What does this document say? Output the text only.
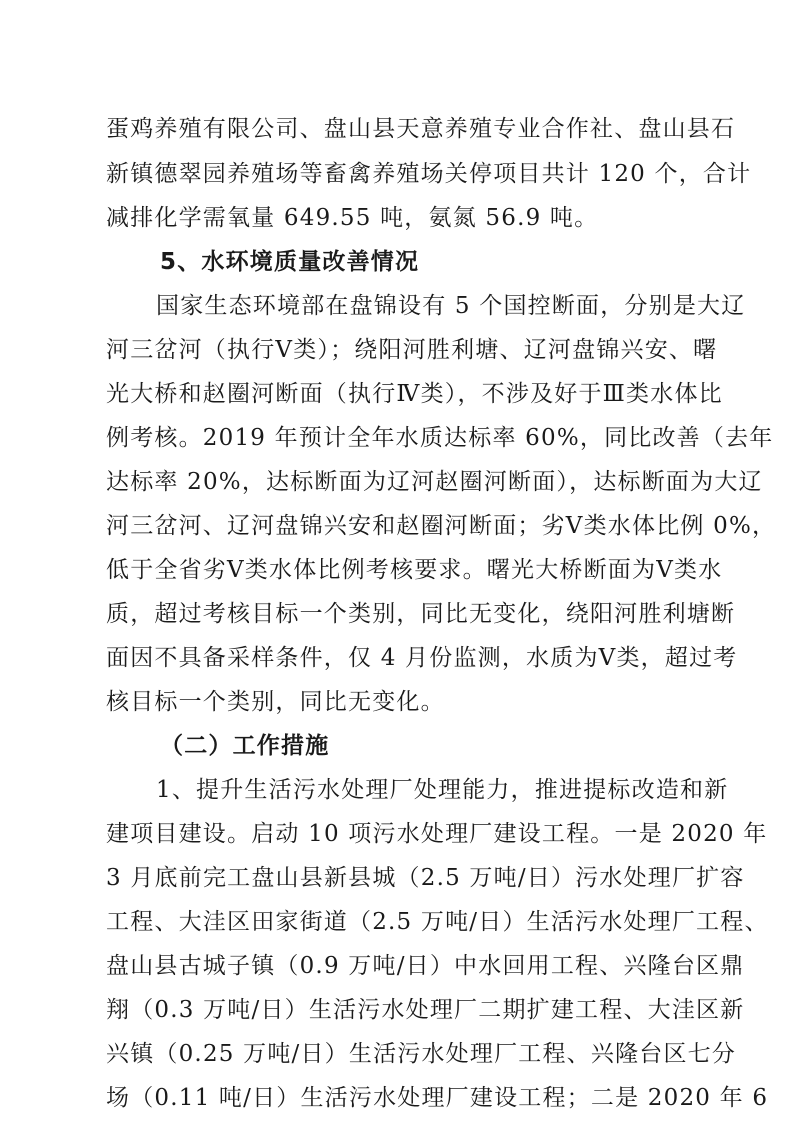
蛋鸡养殖有限公司、盘山县天意养殖专业合作社、盘山县石
新镇德翠园养殖场等畜禽养殖场关停项目共计 120 个，合计
减排化学需氧量 649.55 吨，氨氮 56.9 吨。
5、水环境质量改善情况
国家生态环境部在盘锦设有 5 个国控断面，分别是大辽
河三岔河（执行Ⅴ类）；绕阳河胜利塘、辽河盘锦兴安、曙
光大桥和赵圈河断面（执行Ⅳ类），不涉及好于Ⅲ类水体比
例考核。2019 年预计全年水质达标率 60%，同比改善（去年
达标率 20%，达标断面为辽河赵圈河断面），达标断面为大辽
河三岔河、辽河盘锦兴安和赵圈河断面；劣Ⅴ类水体比例 0%，
低于全省劣Ⅴ类水体比例考核要求。曙光大桥断面为Ⅴ类水
质，超过考核目标一个类别，同比无变化，绕阳河胜利塘断
面因不具备采样条件，仅 4 月份监测，水质为Ⅴ类，超过考
核目标一个类别，同比无变化。
（二）工作措施
1、提升生活污水处理厂处理能力，推进提标改造和新
建项目建设。启动 10 项污水处理厂建设工程。一是 2020 年
3 月底前完工盘山县新县城（2.5 万吨/日）污水处理厂扩容
工程、大洼区田家街道（2.5 万吨/日）生活污水处理厂工程、
盘山县古城子镇（0.9 万吨/日）中水回用工程、兴隆台区鼎
翔（0.3 万吨/日）生活污水处理厂二期扩建工程、大洼区新
兴镇（0.25 万吨/日）生活污水处理厂工程、兴隆台区七分
场（0.11 吨/日）生活污水处理厂建设工程；二是 2020 年 6
